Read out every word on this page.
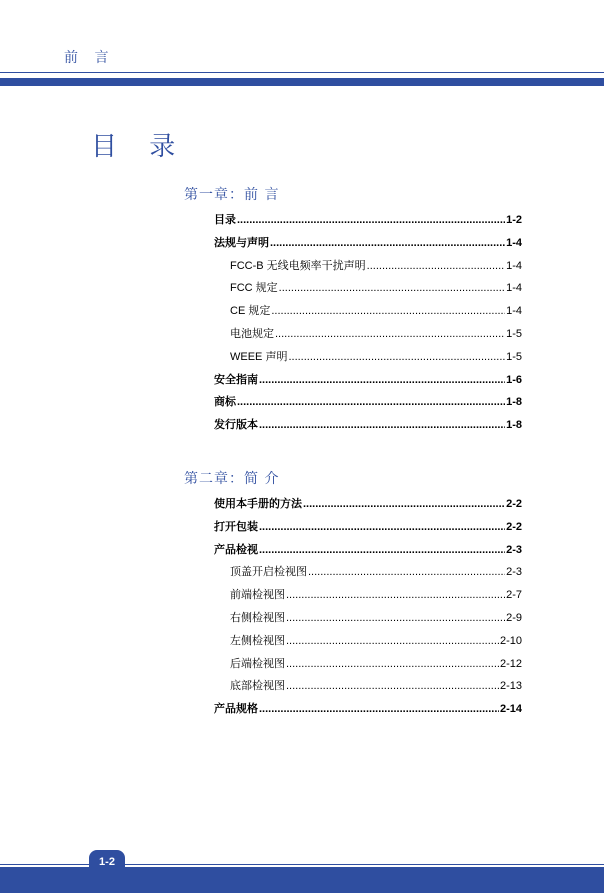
前 言
目 录
第一章：前 言
目录 .....	1-2
法规与声明 .....	1-4
FCC-B 无线电频率干扰声明 .....	1-4
FCC 规定 .....	1-4
CE 规定 .....	1-4
电池规定 .....	1-5
WEEE 声明 .....	1-5
安全指南 .....	1-6
商标 .....	1-8
发行版本 .....	1-8
第二章：简 介
使用本手册的方法 .....	2-2
打开包装 .....	2-2
产品检视 .....	2-3
顶盖开启检视图 .....	2-3
前端检视图 .....	2-7
右侧检视图 .....	2-9
左侧检视图 .....	2-10
后端检视图 .....	2-12
底部检视图 .....	2-13
产品规格 .....	2-14
1-2
